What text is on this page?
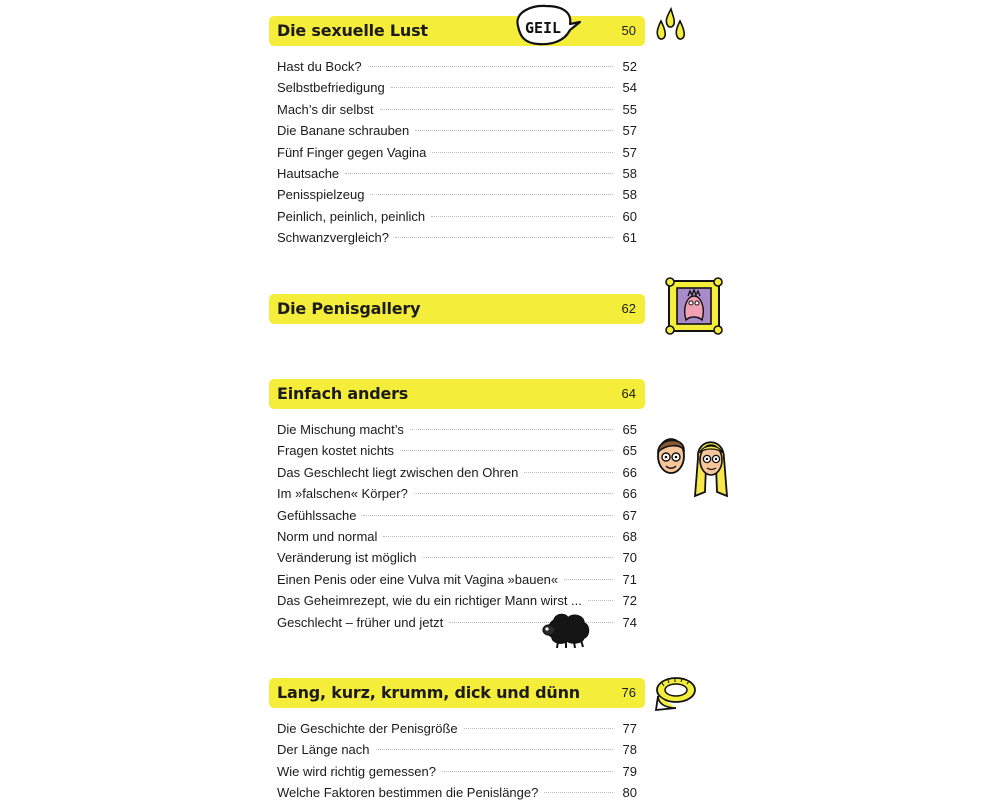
Die sexuelle Lust	50
Hast du Bock?	52
Selbstbefriedigung	54
Mach’s dir selbst	55
Die Banane schrauben	57
Fünf Finger gegen Vagina	57
Hautsache	58
Penisspielzeug	58
Peinlich, peinlich, peinlich	60
Schwanzvergleich?	61
Die Penisgallery	62
Einfach anders	64
Die Mischung macht’s	65
Fragen kostet nichts	65
Das Geschlecht liegt zwischen den Ohren	66
Im »falschen« Körper?	66
Gefühlssache	67
Norm und normal	68
Veränderung ist möglich	70
Einen Penis oder eine Vulva mit Vagina »bauen«	71
Das Geheimrezept, wie du ein richtiger Mann wirst ...	72
Geschlecht – früher und jetzt	74
Lang, kurz, krumm, dick und dünn	76
Die Geschichte der Penisgröße	77
Der Länge nach	78
Wie wird richtig gemessen?	79
Welche Faktoren bestimmen die Penislänge?	80
GEIL
